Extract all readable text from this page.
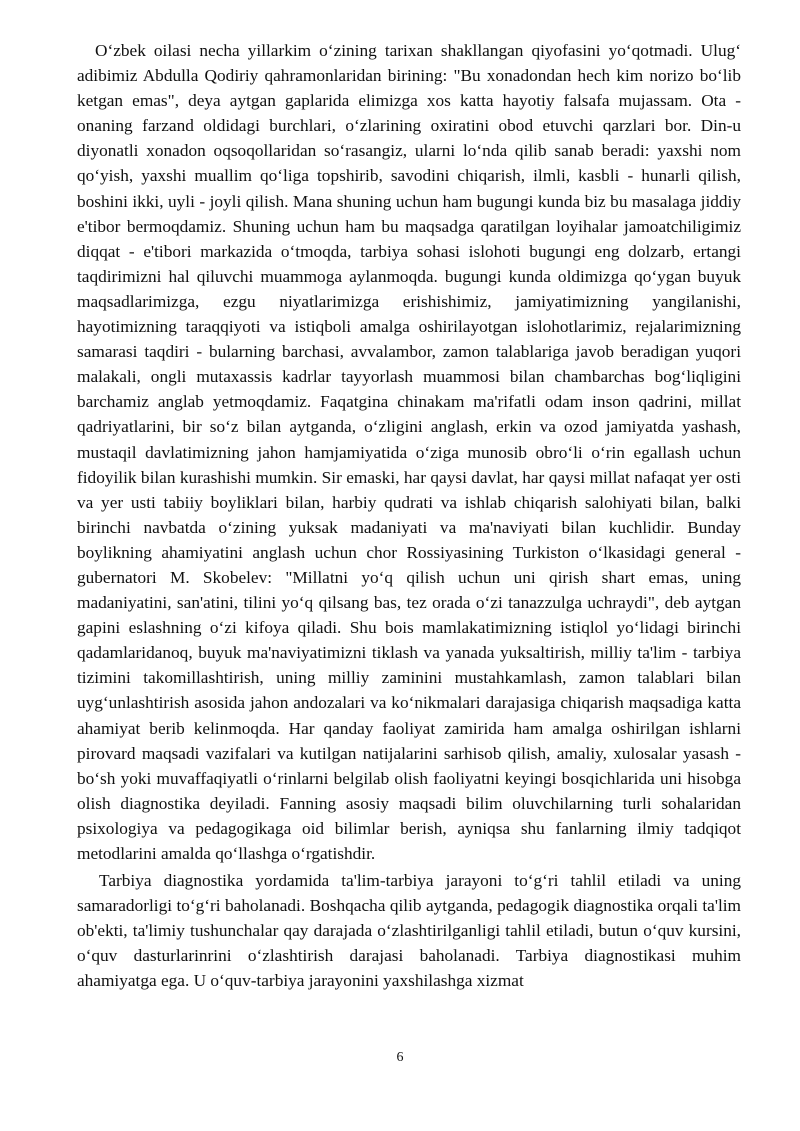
O‘zbek oilasi necha yillarkim o‘zining tarixan shakllangan qiyofasini yo‘qotmadi. Ulug‘ adibimiz Abdulla Qodiriy qahramonlaridan birining: "Bu xonadondan hech kim norizo bo‘lib ketgan emas", deya aytgan gaplarida elimizga xos katta hayotiy falsafa mujassam. Ota - onaning farzand oldidagi burchlari, o‘zlarining oxiratini obod etuvchi qarzlari bor. Din-u diyonatli xonadon oqsoqollaridan so‘rasangiz, ularni lo‘nda qilib sanab beradi: yaxshi nom qo‘yish, yaxshi muallim qo‘liga topshirib, savodini chiqarish, ilmli, kasbli - hunarli qilish, boshini ikki, uyli - joyli qilish. Mana shuning uchun ham bugungi kunda biz bu masalaga jiddiy e'tibor bermoqdamiz. Shuning uchun ham bu maqsadga qaratilgan loyihalar jamoatchiligimiz diqqat - e'tibori markazida o‘tmoqda, tarbiya sohasi islohoti bugungi eng dolzarb, ertangi taqdirimizni hal qiluvchi muammoga aylanmoqda. bugungi kunda oldimizga qo‘ygan buyuk maqsadlarimizga, ezgu niyatlarimizga erishishimiz, jamiyatimizning yangilanishi, hayotimizning taraqqiyoti va istiqboli amalga oshirilayotgan islohotlarimiz, rejalarimizning samarasi taqdiri - bularning barchasi, avvalambor, zamon talablariga javob beradigan yuqori malakali, ongli mutaxassis kadrlar tayyorlash muammosi bilan chambarchas bog‘liqligini barchamiz anglab yetmoqdamiz. Faqatgina chinakam ma'rifatli odam inson qadrini, millat qadriyatlarini, bir so‘z bilan aytganda, o‘zligini anglash, erkin va ozod jamiyatda yashash, mustaqil davlatimizning jahon hamjamiyatida o‘ziga munosib obro‘li o‘rin egallash uchun fidoyilik bilan kurashishi mumkin. Sir emaski, har qaysi davlat, har qaysi millat nafaqat yer osti va yer usti tabiiy boyliklari bilan, harbiy qudrati va ishlab chiqarish salohiyati bilan, balki birinchi navbatda o‘zining yuksak madaniyati va ma'naviyati bilan kuchlidir. Bunday boylikning ahamiyatini anglash uchun chor Rossiyasining Turkiston o‘lkasidagi general - gubernatori M. Skobelev: "Millatni yo‘q qilish uchun uni qirish shart emas, uning madaniyatini, san'atini, tilini yo‘q qilsang bas, tez orada o‘zi tanazzulga uchraydi", deb aytgan gapini eslashning o‘zi kifoya qiladi. Shu bois mamlakatimizning istiqlol yo‘lidagi birinchi qadamlaridanoq, buyuk ma'naviyatimizni tiklash va yanada yuksaltirish, milliy ta'lim - tarbiya tizimini takomillashtirish, uning milliy zaminini mustahkamlash, zamon talablari bilan uyg‘unlashtirish asosida jahon andozalari va ko‘nikmalari darajasiga chiqarish maqsadiga katta ahamiyat berib kelinmoqda. Har qanday faoliyat zamirida ham amalga oshirilgan ishlarni pirovard maqsadi vazifalari va kutilgan natijalarini sarhisob qilish, amaliy, xulosalar yasash - bo‘sh yoki muvaffaqiyatli o‘rinlarni belgilab olish faoliyatni keyingi bosqichlarida uni hisobga olish diagnostika deyiladi. Fanning asosiy maqsadi bilim oluvchilarning turli sohalaridan psixologiya va pedagogikaga oid bilimlar berish, ayniqsa shu fanlarning ilmiy tadqiqot metodlarini amalda qo‘llashga o‘rgatishdir.

Tarbiya diagnostika yordamida ta'lim-tarbiya jarayoni to‘g‘ri tahlil etiladi va uning samaradorligi to‘g‘ri baholanadi. Boshqacha qilib aytganda, pedagogik diagnostika orqali ta'lim ob'ekti, ta'limiy tushunchalar qay darajada o‘zlashtirilganligi tahlil etiladi, butun o‘quv kursini, o‘quv dasturlarinrini o‘zlashtirish darajasi baholanadi. Tarbiya diagnostikasi muhim ahamiyatga ega. U o‘quv-tarbiya jarayonini yaxshilashga xizmat

6
